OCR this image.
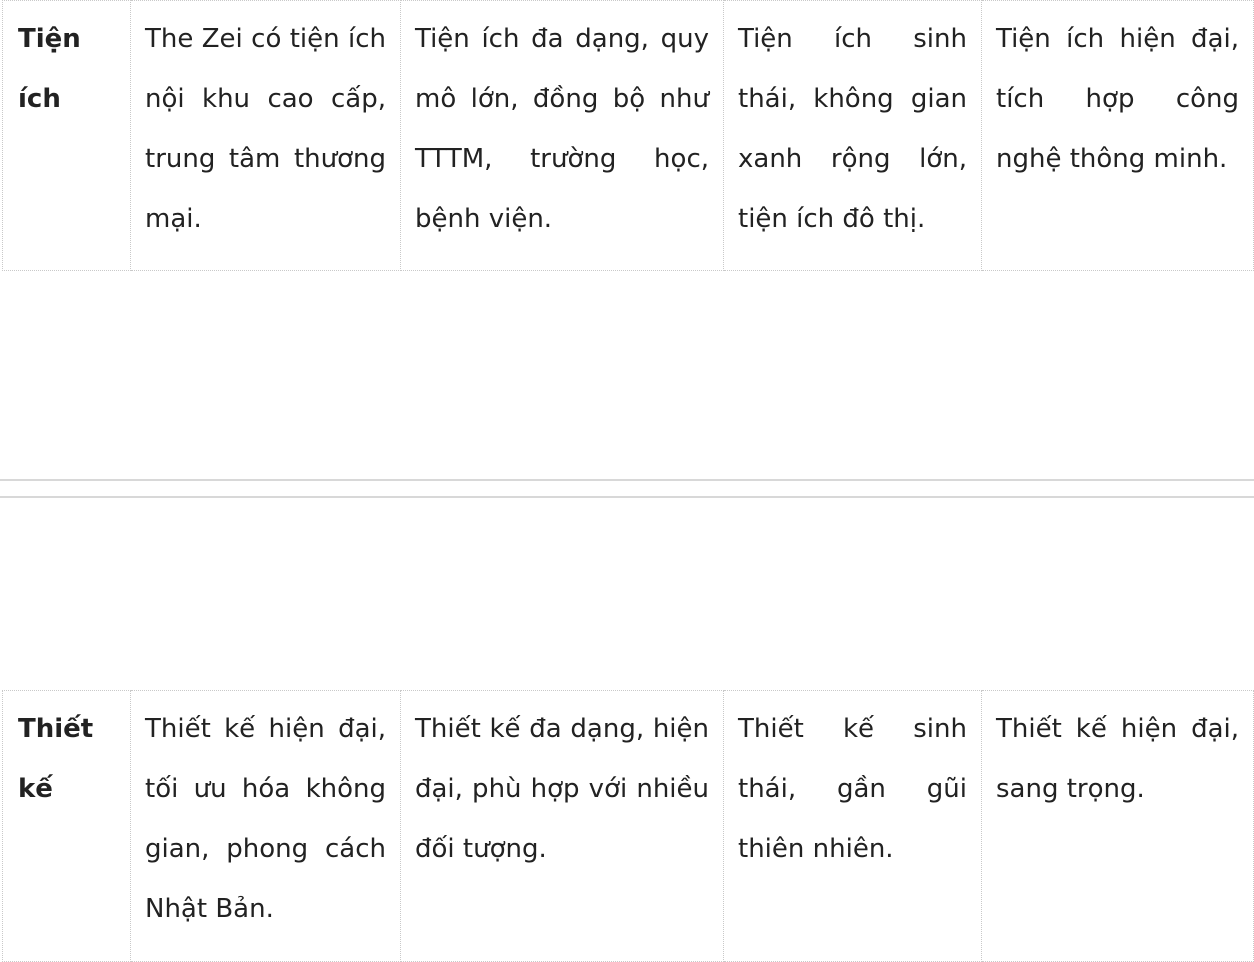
Tiện ích	The Zei có tiện ích nội khu cao cấp, trung tâm thương mại.	Tiện ích đa dạng, quy mô lớn, đồng bộ như TTTM, trường học, bệnh viện.	Tiện ích sinh thái, không gian xanh rộng lớn, tiện ích đô thị.	Tiện ích hiện đại, tích hợp công nghệ thông minh.
Thiết kế	Thiết kế hiện đại, tối ưu hóa không gian, phong cách Nhật Bản.	Thiết kế đa dạng, hiện đại, phù hợp với nhiều đối tượng.	Thiết kế sinh thái, gần gũi thiên nhiên.	Thiết kế hiện đại, sang trọng.
